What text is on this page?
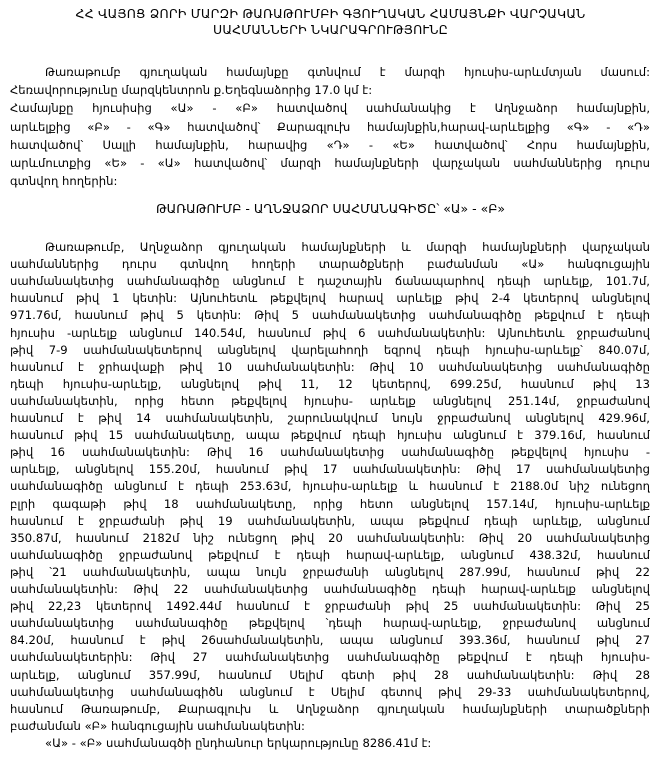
ՀՀ ՎԱՅՈՑ ՁՈՐԻ ՄԱՐԶԻ ԹԱՌԱԹՈՒՄԲԻ ԳՅՈՒՂԱԿԱՆ ՀԱՄԱՅՆՔԻ ՎԱՐՉԱԿԱՆ
ՍԱՀՄԱՆՆԵՐԻ ՆԿԱՐԱԳՐՈՒԹՅՈՒՆԸ
Թառաթումբ գյուղական համայնքը գտնվում է մարզի հյուսիս-արևմտյան մասում:
Հեռավորությունը մարզկենտրոն ք.Եղեգնաձորից 17.0 կմ է:
Համայնքը հյուսիսից «Ա» - «Բ» հատվածով սահմանակից է Աղնջաձոր համայնքին,
արևելքից «Բ» - «Գ» հատվածով՝ Քարագլուխ համայնքին,հարավ-արևելքից «Գ» - «Դ»
հատվածով՝ Սալլի համայնքին, հարավից «Դ» - «Ե» հատվածով՝ Հորս համայնքին,
արևմուտքից «Ե» - «Ա» հատվածով՝ մարզի համայնքների վարչական սահմաններից դուրս
գտնվող հողերին:
ԹԱՌԱԹՈՒՄԲ - ԱՂՆՋԱՁՈՐ ՍԱՀՄԱՆԱԳԻԾԸ՝ «Ա» - «Բ»
Թառաթումբ, Աղնջաձոր գյուղական համայնքների և մարզի համայնքների վարչական
սահմաններից դուրս գտնվող հողերի տարածքների բաժանման «Ա» հանգուցային
սահմանակետից սահմանագիծը անցնում է դաշտային ճանապարհով դեպի արևելք, 101.7մ,
հասնում թիվ 1 կետին: Այնուհետև թեքվելով հարավ արևելք թիվ 2-4 կետերով անցնելով
971.76մ, հասնում թիվ 5 կետին: Թիվ 5 սահմանակետից սահմանագիծը թեքվում է դեպի
հյուսիս -արևելք անցնում 140.54մ, հասնում թիվ 6 սահմանակետին: Այնուհետև ջրբաժանով
թիվ 7-9 սահմանակետերով անցնելով վարելահողի եզրով դեպի հյուսիս-արևելք՝ 840.07մ,
հասնում է ջրհավաքի թիվ 10 սահմանակետին: Թիվ 10 սահմանակետից սահմանագիծը
դեպի հյուսիս-արևելք, անցնելով թիվ 11, 12 կետերով, 699.25մ, հասնում թիվ 13
սահմանակետին, որից հետո թեքվելով հյուսիս- արևելք անցնելով 251.14մ, ջրբաժանով
հասնում է թիվ 14 սահմանակետին, շարունակվում նույն ջրբաժանով անցնելով 429.96մ,
հասնում թիվ 15 սահմանակետը, ապա թեքվում դեպի հյուսիս անցնում է 379.16մ, հասնում
թիվ 16 սահմանակետին: Թիվ 16 սահմանակետից սահմանագիծը թեքվելով հյուսիս -
արևելք, անցնելով 155.20մ, հասնում թիվ 17 սահմանակետին: Թիվ 17 սահմանակետից
սահմանագիծը անցնում է դեպի 253.63մ, հյուսիս-արևելք և հասնում է 2188.0մ նիշ ունեցող
բլրի գագաթի թիվ 18 սահմանակետը, որից հետո անցնելով 157.14մ, հյուսիս-արևելք
հասնում է ջրբաժանի թիվ 19 սահմանակետին, ապա թեքվում դեպի արևելք, անցնում
350.87մ, հասնում 2182մ նիշ ունեցող թիվ 20 սահմանակետին: Թիվ 20 սահմանակետից
սահմանագիծը ջրբաժանով թեքվում է դեպի հարավ-արևելք, անցնում 438.32մ, հասնում
թիվ ՝21 սահմանակետին, ապա նույն ջրբաժանի անցնելով 287.99մ, հասնում թիվ 22
սահմանակետին: Թիվ 22 սահմանակետից սահմանագիծը դեպի հարավ-արևելք անցնելով
թիվ 22,23 կետերով 1492.44մ հասնում է ջրբաժանի թիվ 25 սահմանակետին: Թիվ 25
սահմանակետից սահմանագիծը թեքվելով ՝դեպի հարավ-արևելք, ջրբաժանով անցնում
84.20մ, հասնում է թիվ 26սահմանակետին, ապա անցնում 393.36մ, հասնում թիվ 27
սահմանակետերին: Թիվ 27 սահմանակետից սահմանագիծը թեքվում է դեպի հյուսիս-
արևելք, անցնում 357.99մ, հասնում Սելիմ գետի թիվ 28 սահմանակետին: Թիվ 28
սահմանակետից սահմանագիծն անցնում է Սելիմ գետով թիվ 29-33 սահմանակետերով,
հասնում Թառաթումբ, Քարագլուխ և Աղնջաձոր գյուղական համայնքների տարածքների
բաժանման «Բ» հանգուցային սահմանակետին:
«Ա» - «Բ» սահմանագծի ընդհանուր երկարությունը 8286.41մ է:
